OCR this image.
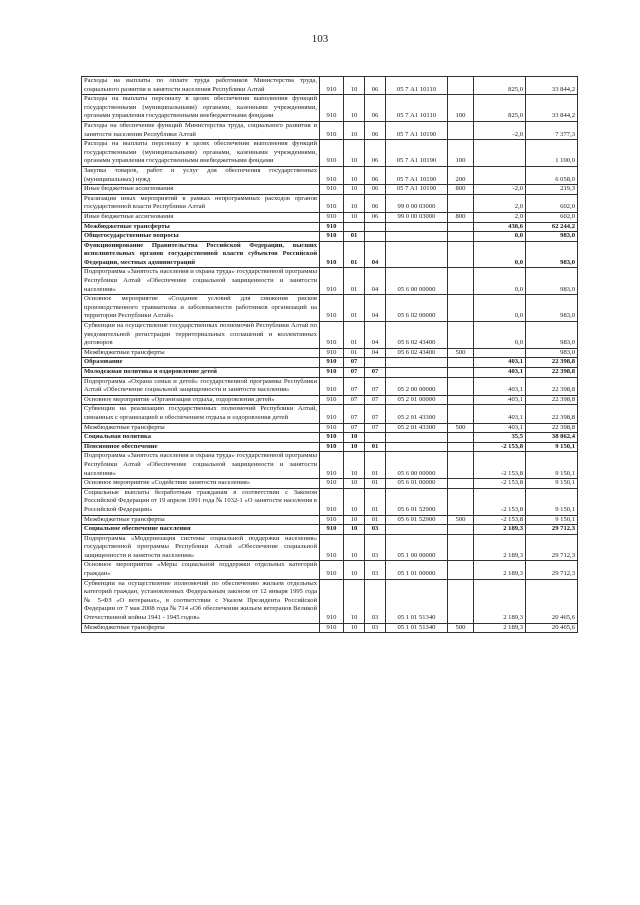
103
Расходы на выплаты по оплате труда работников Министерства труда, социального развития и занятости населения Республики Алтай	910	10	06	05 7 А1 10110		825,0	33 844,2
Расходы на выплаты персоналу в целях обеспечения выполнения функций государственными (муниципальными) органами, казенными учреждениями, органами управления государственными внебюджетными фондами	910	10	06	05 7 А1 10110	100	825,0	33 844,2
Расходы на обеспечение функций Министерства труда, социального развития и занятости населения Республики Алтай	910	10	06	05 7 А1 10190		-2,0	7 377,3
Расходы на выплаты персоналу в целях обеспечения выполнения функций государственными (муниципальными) органами, казенными учреждениями, органами управления государственными внебюджетными фондами	910	10	06	05 7 А1 10190	100		1 100,0
Закупка товаров, работ и услуг для обеспечения государственных (муниципальных) нужд	910	10	06	05 7 А1 10190	200		6 058,0
Иные бюджетные ассигнования	910	10	06	05 7 А1 10190	800	-2,0	219,3
Реализация иных мероприятий в рамках непрограммных расходов органов государственной власти Республики Алтай	910	10	06	99 0 00 03000		2,0	602,0
Иные бюджетные ассигнования	910	10	06	99 0 00 03000	800	2,0	602,0
Межбюджетные трансферты	910					438,6	62 244,2
Общегосударственные вопросы	910	01				0,0	983,0
Функционирование Правительства Российской Федерации, высших исполнительных органов государственной власти субъектов Российской Федерации, местных администраций	910	01	04			0,0	983,0
Подпрограмма «Занятость населения и охрана труда» государственной программы Республики Алтай «Обеспечение социальной защищенности и занятости населения»	910	01	04	05 6 00 00000		0,0	983,0
Основное мероприятие «Создание условий для снижения рисков производственного травматизма и заболеваемости работников организаций на территории Республики Алтай»	910	01	04	05 6 02 00000		0,0	983,0
Субвенции на осуществление государственных полномочий Республики Алтай по уведомительной регистрации территориальных соглашений и коллективных договоров	910	01	04	05 6 02 43400		0,0	983,0
Межбюджетные трансферты	910	01	04	05 6 02 43400	500		983,0
Образование	910	07				403,1	22 398,8
Молодежная политика и оздоровление детей	910	07	07			403,1	22 398,8
Подпрограмма «Охрана семьи и детей» государственной программы Республики Алтай «Обеспечение социальной защищенности и занятости населения»	910	07	07	05 2 00 00000		403,1	22 398,8
Основное мероприятие «Организация отдыха, оздоровления детей»	910	07	07	05 2 01 00000		403,1	22 398,8
Субвенции на реализацию государственных полномочий Республики Алтай, связанных с организацией и обеспечением отдыха и оздоровления детей	910	07	07	05 2 01 43300		403,1	22 398,8
Межбюджетные трансферты	910	07	07	05 2 01 43300	500	403,1	22 398,8
Социальная политика	910	10				35,5	38 862,4
Пенсионное обеспечение	910	10	01			-2 153,8	9 150,1
Подпрограмма «Занятость населения и охрана труда» государственной программы Республики Алтай «Обеспечение социальной защищенности и занятости населения»	910	10	01	05 6 00 00000		-2 153,8	9 150,1
Основное мероприятие «Содействие занятости населения»	910	10	01	05 6 01 00000		-2 153,8	9 150,1
Социальные выплаты безработным гражданам в соответствии с Законом Российской Федерации от 19 апреля 1991 года № 1032-1 «О занятости населения в Российской Федерации»	910	10	01	05 6 01 52900		-2 153,8	9 150,1
Межбюджетные трансферты	910	10	01	05 6 01 52900	500	-2 153,8	9 150,1
Социальное обеспечение населения	910	10	03			2 189,3	29 712,3
Подпрограмма «Модернизация системы социальной поддержки населения» государственной программы Республики Алтай «Обеспечение социальной защищенности и занятости населения»	910	10	03	05 1 00 00000		2 189,3	29 712,3
Основное мероприятие «Меры социальной поддержки отдельных категорий граждан»	910	10	03	05 1 01 00000		2 189,3	29 712,3
Субвенции на осуществление полномочий по обеспечению жильем отдельных категорий граждан, установленных Федеральным законом от 12 января 1995 года № 5-ФЗ «О ветеранах», в соответствии с Указом Президента Российской Федерации от 7 мая 2008 года № 714 «Об обеспечении жильем ветеранов Великой Отечественной войны 1941 - 1945 годов»	910	10	03	05 1 01 51340		2 189,3	20 465,6
Межбюджетные трансферты	910	10	03	05 1 01 51340	500	2 189,3	20 465,6
